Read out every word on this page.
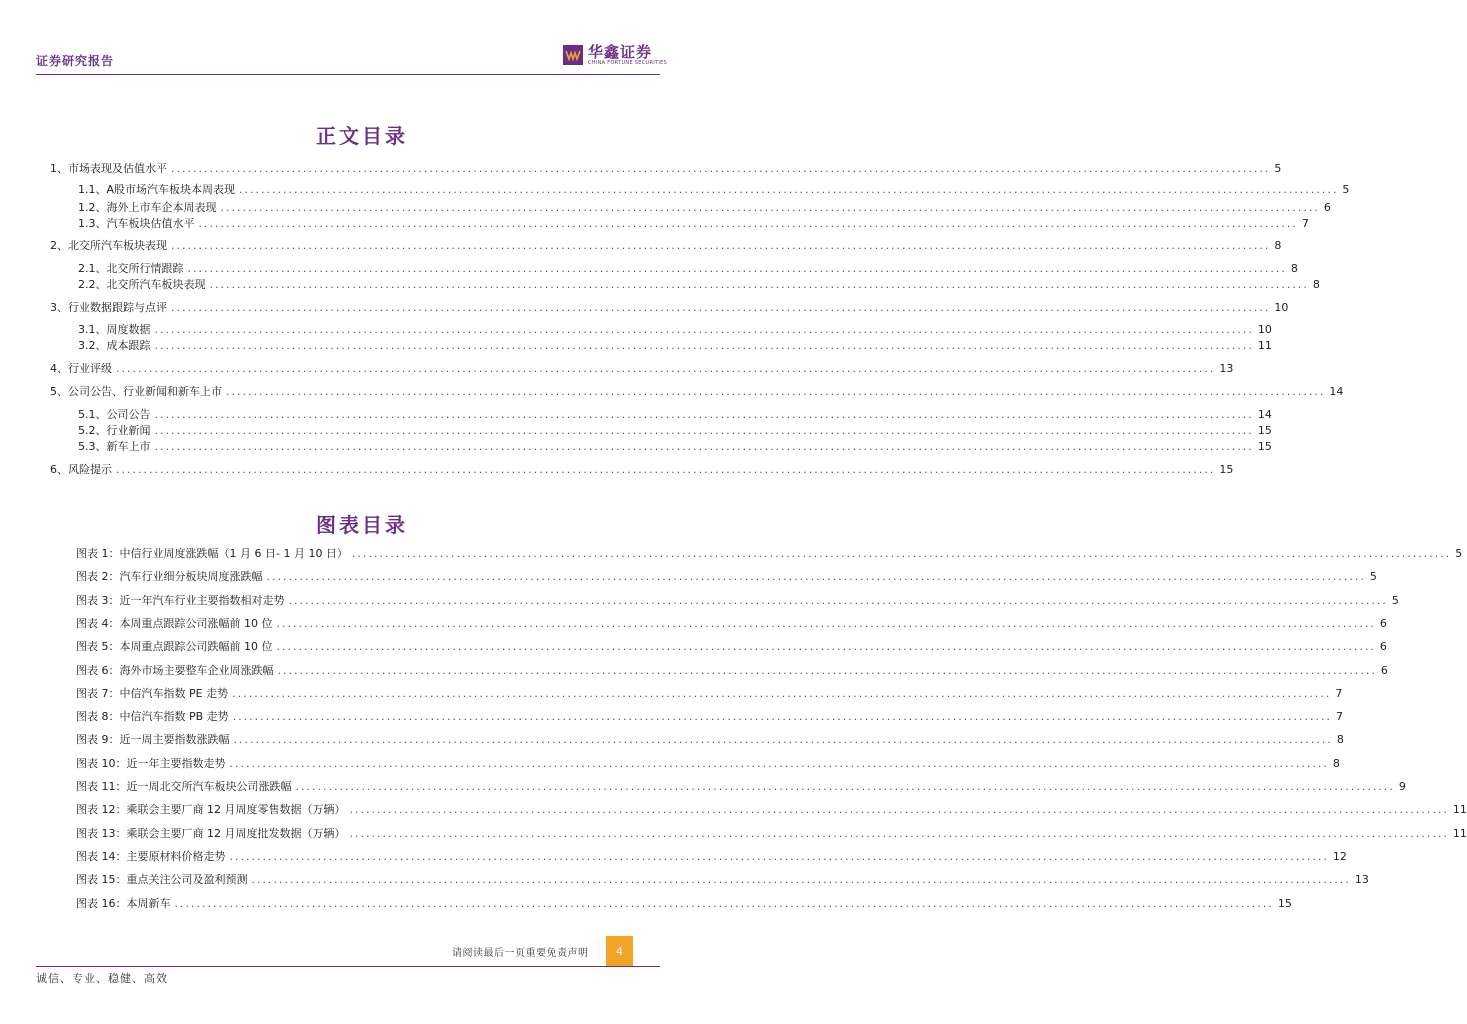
证券研究报告	华鑫证券
CHINA FORTUNE SECURITIES
正文目录
1、 市场表现及估值水平 ........................................................................................................................................................................................................ 5
1.1、 A股市场汽车板块本周表现 ........................................................................................................................................................................................................ 5
1.2、 海外上市车企本周表现 ........................................................................................................................................................................................................ 6
1.3、 汽车板块估值水平 ........................................................................................................................................................................................................ 7
2、 北交所汽车板块表现 ........................................................................................................................................................................................................ 8
2.1、 北交所行情跟踪 ........................................................................................................................................................................................................ 8
2.2、 北交所汽车板块表现 ........................................................................................................................................................................................................ 8
3、 行业数据跟踪与点评 ........................................................................................................................................................................................................ 10
3.1、 周度数据 ........................................................................................................................................................................................................ 10
3.2、 成本跟踪 ........................................................................................................................................................................................................ 11
4、 行业评级 ........................................................................................................................................................................................................ 13
5、 公司公告、行业新闻和新车上市 ........................................................................................................................................................................................................ 14
5.1、 公司公告 ........................................................................................................................................................................................................ 14
5.2、 行业新闻 ........................................................................................................................................................................................................ 15
5.3、 新车上市 ........................................................................................................................................................................................................ 15
6、 风险提示 ........................................................................................................................................................................................................ 15
图表目录
图表 1： 中信行业周度涨跌幅（1 月 6 日- 1 月 10 日） ........................................................................................................................................................................................................ 5
图表 2： 汽车行业细分板块周度涨跌幅 ........................................................................................................................................................................................................ 5
图表 3： 近一年汽车行业主要指数相对走势 ........................................................................................................................................................................................................ 5
图表 4： 本周重点跟踪公司涨幅前 10 位 ........................................................................................................................................................................................................ 6
图表 5： 本周重点跟踪公司跌幅前 10 位 ........................................................................................................................................................................................................ 6
图表 6： 海外市场主要整车企业周涨跌幅 ........................................................................................................................................................................................................ 6
图表 7： 中信汽车指数 PE 走势 ........................................................................................................................................................................................................ 7
图表 8： 中信汽车指数 PB 走势 ........................................................................................................................................................................................................ 7
图表 9： 近一周主要指数涨跌幅 ........................................................................................................................................................................................................ 8
图表 10： 近一年主要指数走势 ........................................................................................................................................................................................................ 8
图表 11： 近一周北交所汽车板块公司涨跌幅 ........................................................................................................................................................................................................ 9
图表 12： 乘联会主要厂商 12 月周度零售数据（万辆） ........................................................................................................................................................................................................ 11
图表 13： 乘联会主要厂商 12 月周度批发数据（万辆） ........................................................................................................................................................................................................ 11
图表 14： 主要原材料价格走势 ........................................................................................................................................................................................................ 12
图表 15： 重点关注公司及盈利预测 ........................................................................................................................................................................................................ 13
图表 16： 本周新车 ........................................................................................................................................................................................................ 15
请阅读最后一页重要免责声明	4
诚信、专业、稳健、高效
